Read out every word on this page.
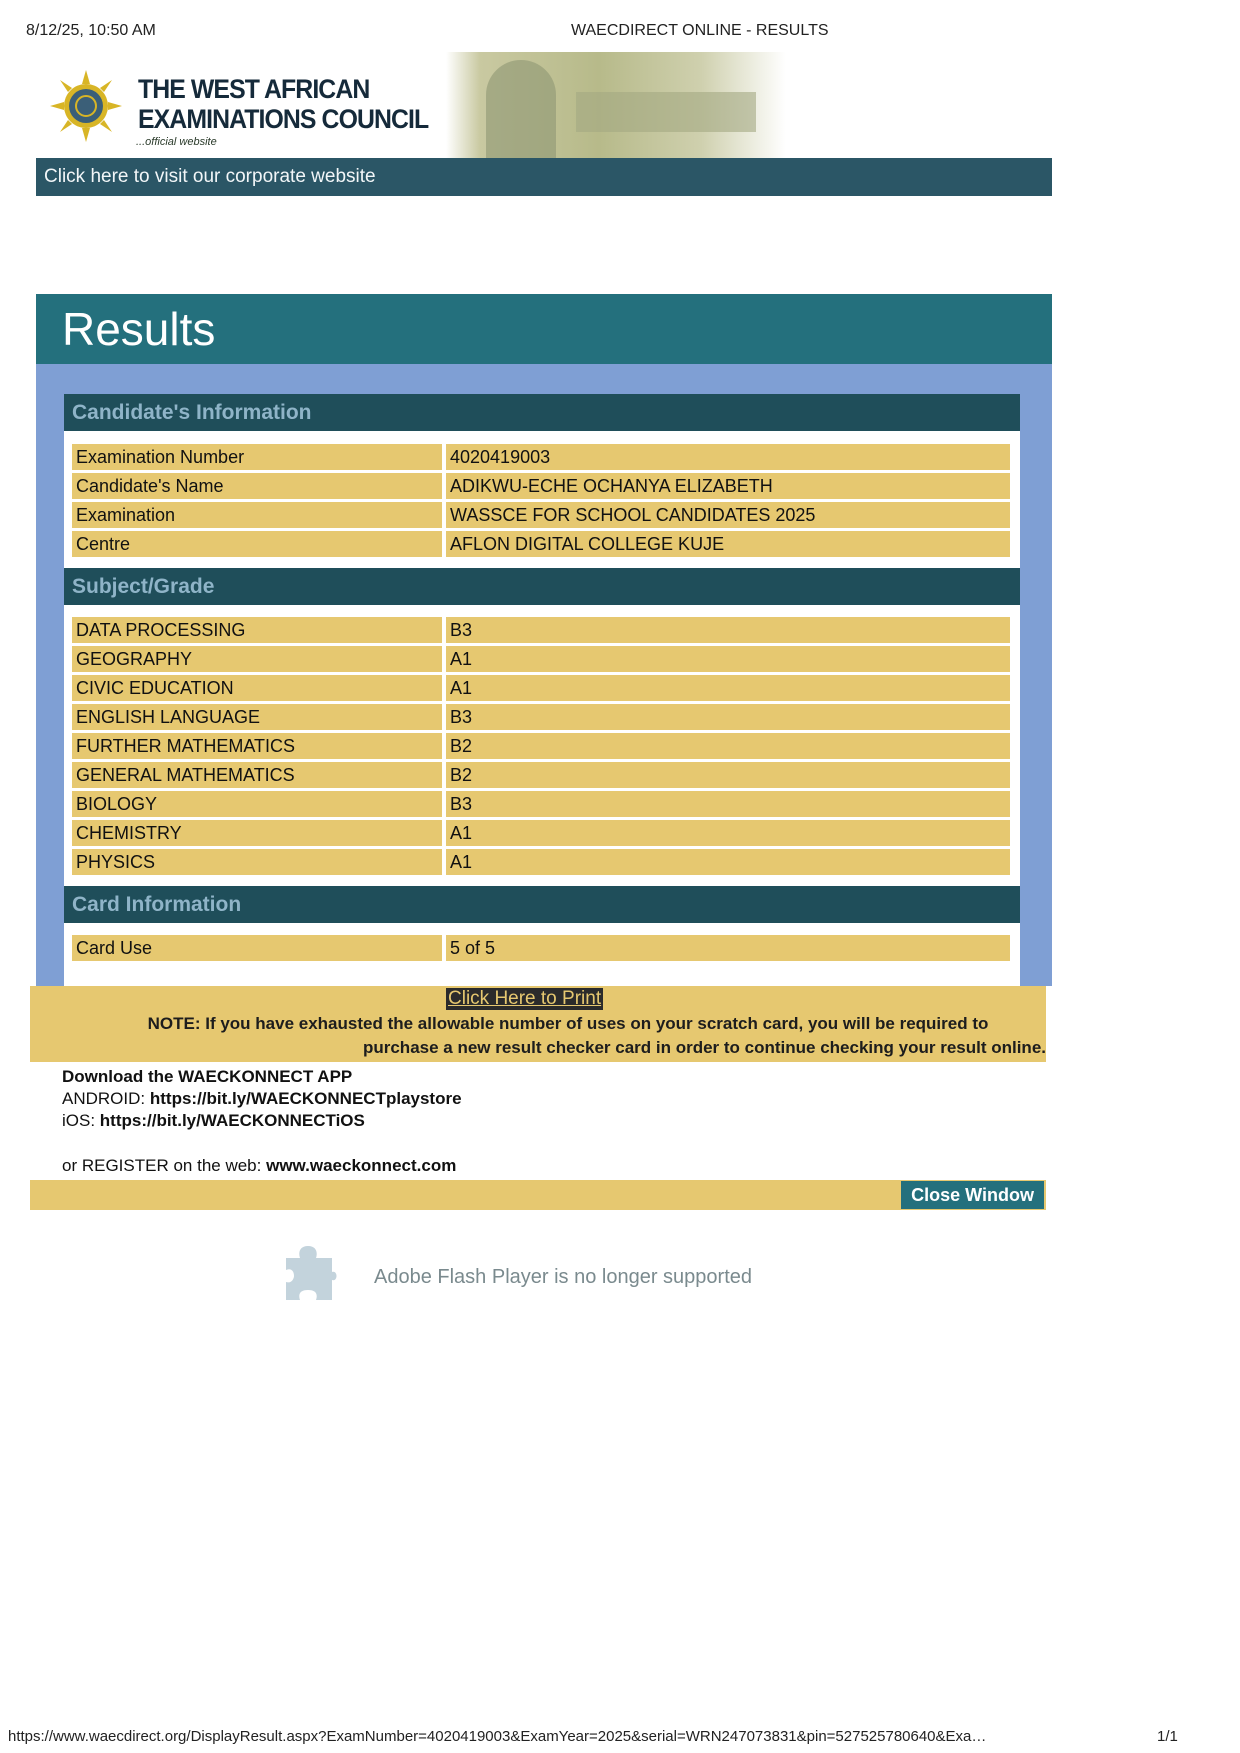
8/12/25, 10:50 AM	WAECDIRECT ONLINE - RESULTS
THE WEST AFRICAN
EXAMINATIONS COUNCIL
...official website
Click here to visit our corporate website
Results
Candidate's Information
Examination Number	4020419003
Candidate's Name	ADIKWU-ECHE OCHANYA ELIZABETH
Examination	WASSCE FOR SCHOOL CANDIDATES 2025
Centre	AFLON DIGITAL COLLEGE KUJE
Subject/Grade
DATA PROCESSING	B3
GEOGRAPHY	A1
CIVIC EDUCATION	A1
ENGLISH LANGUAGE	B3
FURTHER MATHEMATICS	B2
GENERAL MATHEMATICS	B2
BIOLOGY	B3
CHEMISTRY	A1
PHYSICS	A1
Card Information
Card Use	5 of 5
Click Here to Print
NOTE: If you have exhausted the allowable number of uses on your scratch card, you will be required to
purchase a new result checker card in order to continue checking your result online.
Download the WAECKONNECT APP
ANDROID: https://bit.ly/WAECKONNECTplaystore
iOS: https://bit.ly/WAECKONNECTiOS
or REGISTER on the web: www.waeckonnect.com
Close Window
Adobe Flash Player is no longer supported
https://www.waecdirect.org/DisplayResult.aspx?ExamNumber=4020419003&ExamYear=2025&serial=WRN247073831&pin=527525780640&Exa…	1/1
